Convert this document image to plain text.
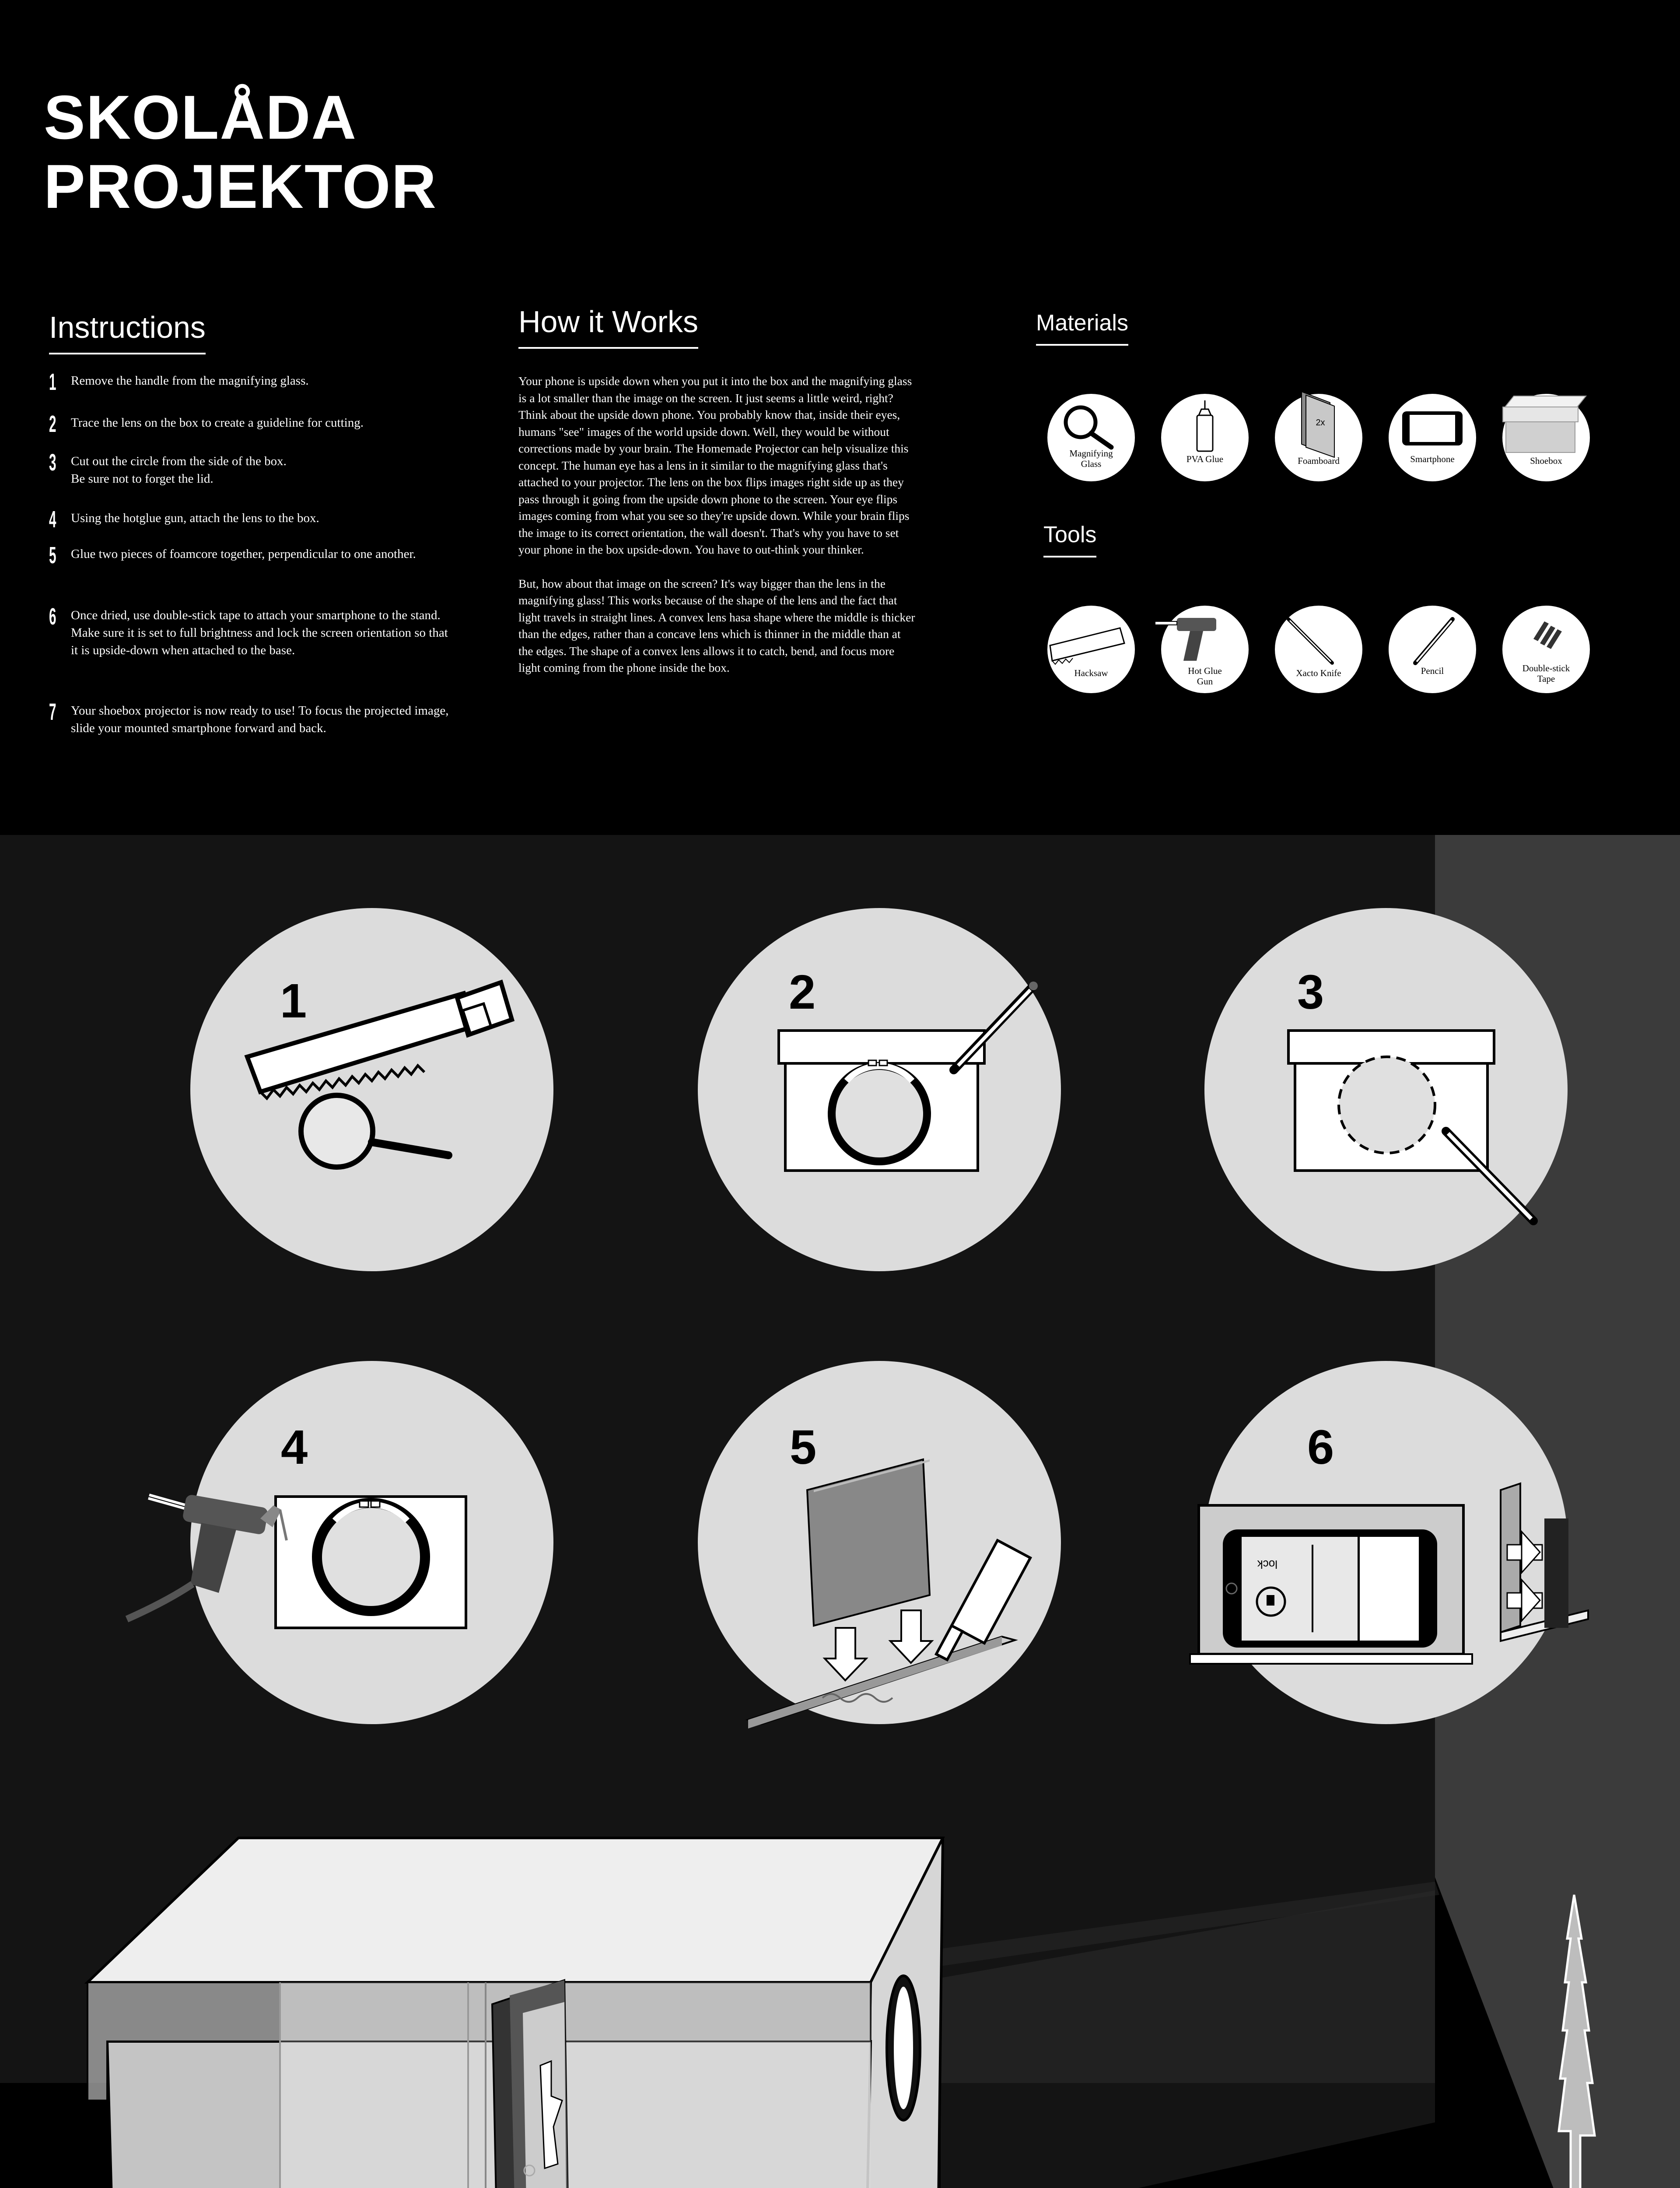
SKOLÅDA
PROJEKTOR
Instructions
1 Remove the handle from the magnifying glass.
2 Trace the lens on the box to create a guideline for cutting.
3 Cut out the circle from the side of the box.
Be sure not to forget the lid.
4 Using the hotglue gun, attach the lens to the box.
5 Glue two pieces of foamcore together, perpendicular to one another.
6 Once dried, use double-stick tape to attach your smartphone to the stand. Make sure it is set to full brightness and lock the screen orientation so that it is upside-down when attached to the base.
7 Your shoebox projector is now ready to use! To focus the projected image, slide your mounted smartphone forward and back.
How it Works

Your phone is upside down when you put it into the box and the magnifying glass is a lot smaller than the image on the screen. It just seems a little weird, right? Think about the upside down phone. You probably know that, inside their eyes, humans "see" images of the world upside down. Well, they would be without corrections made by your brain. The Homemade Projector can help visualize this concept. The human eye has a lens in it similar to the magnifying glass that's attached to your projector. The lens on the box flips images right side up as they pass through it going from the upside down phone to the screen. Your eye flips images coming from what you see so they're upside down. While your brain flips the image to its correct orientation, the wall doesn't. That's why you have to set your phone in the box upside-down. You have to out-think your thinker.

But, how about that image on the screen? It's way bigger than the lens in the magnifying glass! This works because of the shape of the lens and the fact that light travels in straight lines. A convex lens hasa shape where the middle is thicker than the edges, rather than a concave lens which is thinner in the middle than at the edges. The shape of a convex lens allows it to catch, bend, and focus more light coming from the phone inside the box.

Materials
Tools
Magnifying
Glass	PVA Glue
2x
Foamboard	Smartphone	Shoebox
Hacksaw	Hot Glue
Gun
Xacto Knife	Pencil	Double-stick
Tape
1	2	3
4	5	6
lock
